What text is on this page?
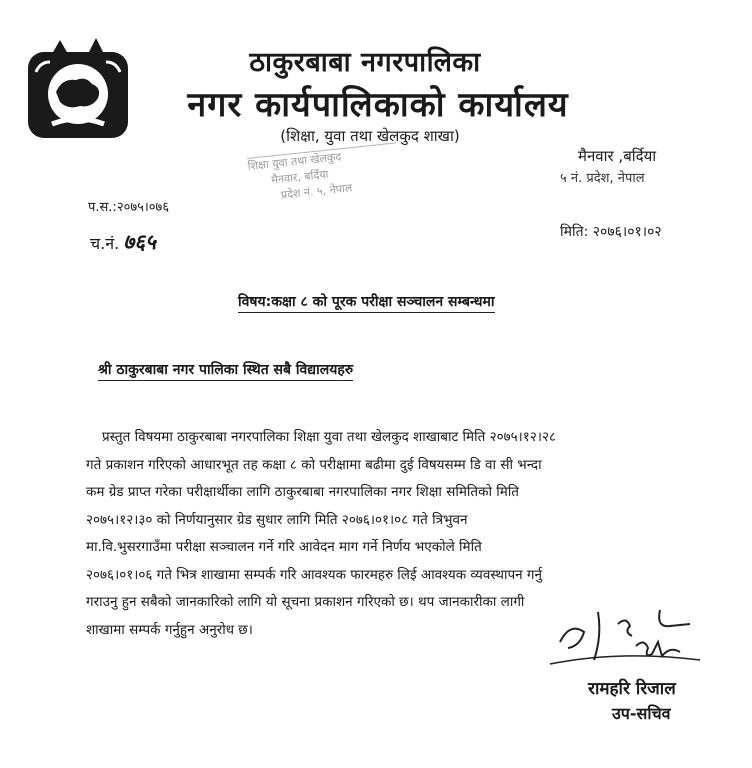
ठाकुरबाबा नगरपालिका
नगर कार्यपालिकाको कार्यालय
(शिक्षा, युवा तथा खेलकुद शाखा)
शिक्षा युवा तथा खेलकुद
मैनवार, बर्दिया
प्रदेश नं. ५, नेपाल
मैनवार ,बर्दिया
५ नं. प्रदेश, नेपाल
प.स.:२०७५।०७६
च.नं. ७६५	मिति: २०७६।०१।०२
विषय:कक्षा ८ को पूरक परीक्षा सञ्चालन सम्बन्धमा
श्री ठाकुरबाबा नगर पालिका स्थित सबै विद्यालयहरु
प्रस्तुत विषयमा ठाकुरबाबा नगरपालिका शिक्षा युवा तथा खेलकुद शाखाबाट मिति २०७५।१२।२८
गते प्रकाशन गरिएको आधारभूत तह कक्षा ८ को परीक्षामा बढीमा दुई विषयसम्म डि वा सी भन्दा
कम ग्रेड प्राप्त गरेका परीक्षार्थीका लागि ठाकुरबाबा नगरपालिका नगर शिक्षा समितिको मिति
२०७५।१२।३० को निर्णयानुसार ग्रेड सुधार लागि मिति २०७६।०१।०८ गते त्रिभुवन
मा.वि.भुसरगाउँमा परीक्षा सञ्चालन गर्ने गरि आवेदन माग गर्ने निर्णय भएकोले मिति
२०७६।०१।०६ गते भित्र शाखामा सम्पर्क गरि आवश्यक फारमहरु लिई आवश्यक व्यवस्थापन गर्नु
गराउनु हुन सबैको जानकारिको लागि यो सूचना प्रकाशन गरिएको छ। थप जानकारीका लागी
शाखामा सम्पर्क गर्नुहुन अनुरोध छ।
रामहरि रिजाल
उप-सचिव
